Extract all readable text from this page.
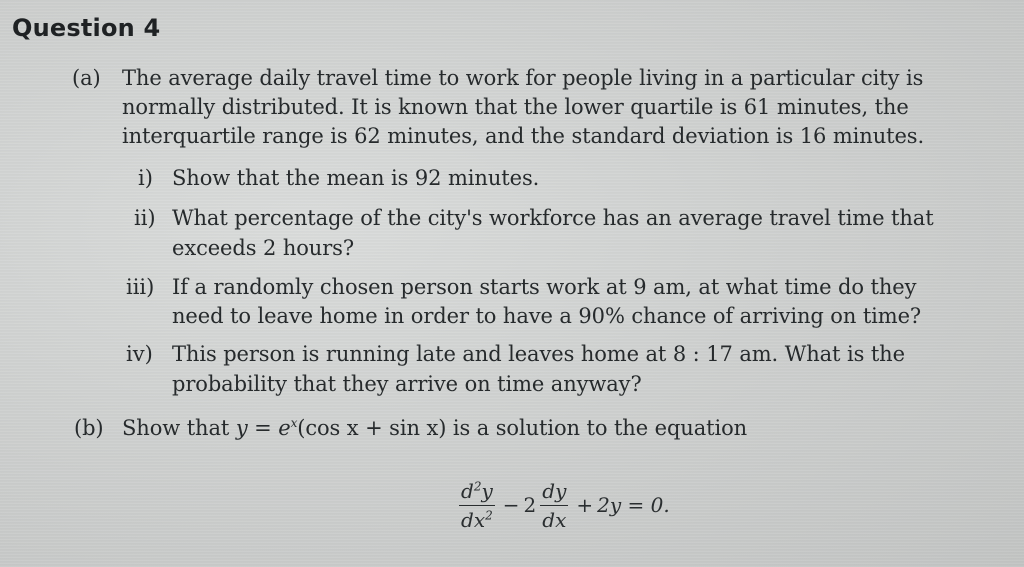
Question 4
(a) The average daily travel time to work for people living in a particular city is
normally distributed. It is known that the lower quartile is 61 minutes, the
interquartile range is 62 minutes, and the standard deviation is 16 minutes.
i) Show that the mean is 92 minutes.
ii) What percentage of the city's workforce has an average travel time that
exceeds 2 hours?
iii) If a randomly chosen person starts work at 9 am, at what time do they
need to leave home in order to have a 90% chance of arriving on time?
iv) This person is running late and leaves home at 8 : 17 am. What is the
probability that they arrive on time anyway?
(b) Show that $y = e^x(\cos$ x + sin x) is a solution to the equation
$\frac{d^2y}{dx^2} - 2 \frac{dy}{dx} + 2y = 0$.
